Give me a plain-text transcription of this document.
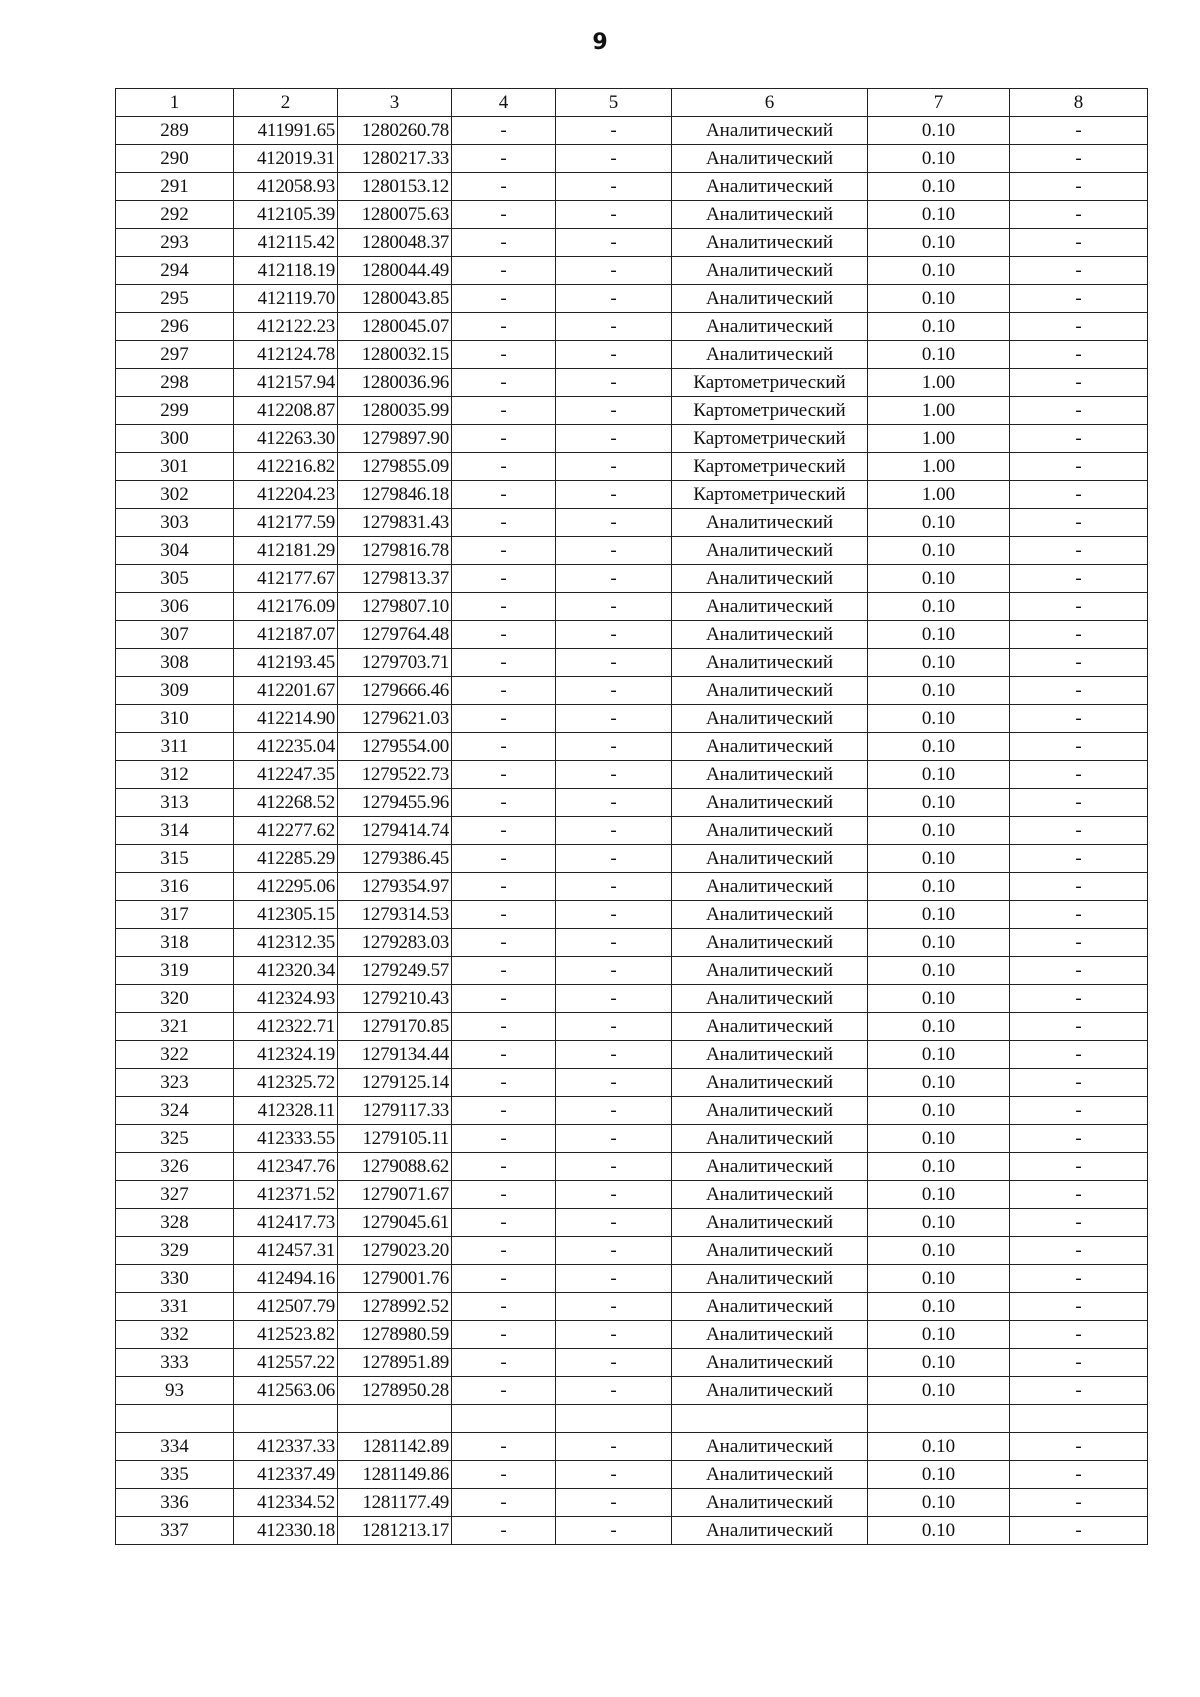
9
1	2	3	4	5	6	7	8
289	411991.65	1280260.78	-	-	Аналитический	0.10	-
290	412019.31	1280217.33	-	-	Аналитический	0.10	-
291	412058.93	1280153.12	-	-	Аналитический	0.10	-
292	412105.39	1280075.63	-	-	Аналитический	0.10	-
293	412115.42	1280048.37	-	-	Аналитический	0.10	-
294	412118.19	1280044.49	-	-	Аналитический	0.10	-
295	412119.70	1280043.85	-	-	Аналитический	0.10	-
296	412122.23	1280045.07	-	-	Аналитический	0.10	-
297	412124.78	1280032.15	-	-	Аналитический	0.10	-
298	412157.94	1280036.96	-	-	Картометрический	1.00	-
299	412208.87	1280035.99	-	-	Картометрический	1.00	-
300	412263.30	1279897.90	-	-	Картометрический	1.00	-
301	412216.82	1279855.09	-	-	Картометрический	1.00	-
302	412204.23	1279846.18	-	-	Картометрический	1.00	-
303	412177.59	1279831.43	-	-	Аналитический	0.10	-
304	412181.29	1279816.78	-	-	Аналитический	0.10	-
305	412177.67	1279813.37	-	-	Аналитический	0.10	-
306	412176.09	1279807.10	-	-	Аналитический	0.10	-
307	412187.07	1279764.48	-	-	Аналитический	0.10	-
308	412193.45	1279703.71	-	-	Аналитический	0.10	-
309	412201.67	1279666.46	-	-	Аналитический	0.10	-
310	412214.90	1279621.03	-	-	Аналитический	0.10	-
311	412235.04	1279554.00	-	-	Аналитический	0.10	-
312	412247.35	1279522.73	-	-	Аналитический	0.10	-
313	412268.52	1279455.96	-	-	Аналитический	0.10	-
314	412277.62	1279414.74	-	-	Аналитический	0.10	-
315	412285.29	1279386.45	-	-	Аналитический	0.10	-
316	412295.06	1279354.97	-	-	Аналитический	0.10	-
317	412305.15	1279314.53	-	-	Аналитический	0.10	-
318	412312.35	1279283.03	-	-	Аналитический	0.10	-
319	412320.34	1279249.57	-	-	Аналитический	0.10	-
320	412324.93	1279210.43	-	-	Аналитический	0.10	-
321	412322.71	1279170.85	-	-	Аналитический	0.10	-
322	412324.19	1279134.44	-	-	Аналитический	0.10	-
323	412325.72	1279125.14	-	-	Аналитический	0.10	-
324	412328.11	1279117.33	-	-	Аналитический	0.10	-
325	412333.55	1279105.11	-	-	Аналитический	0.10	-
326	412347.76	1279088.62	-	-	Аналитический	0.10	-
327	412371.52	1279071.67	-	-	Аналитический	0.10	-
328	412417.73	1279045.61	-	-	Аналитический	0.10	-
329	412457.31	1279023.20	-	-	Аналитический	0.10	-
330	412494.16	1279001.76	-	-	Аналитический	0.10	-
331	412507.79	1278992.52	-	-	Аналитический	0.10	-
332	412523.82	1278980.59	-	-	Аналитический	0.10	-
333	412557.22	1278951.89	-	-	Аналитический	0.10	-
93	412563.06	1278950.28	-	-	Аналитический	0.10	-

334	412337.33	1281142.89	-	-	Аналитический	0.10	-
335	412337.49	1281149.86	-	-	Аналитический	0.10	-
336	412334.52	1281177.49	-	-	Аналитический	0.10	-
337	412330.18	1281213.17	-	-	Аналитический	0.10	-
